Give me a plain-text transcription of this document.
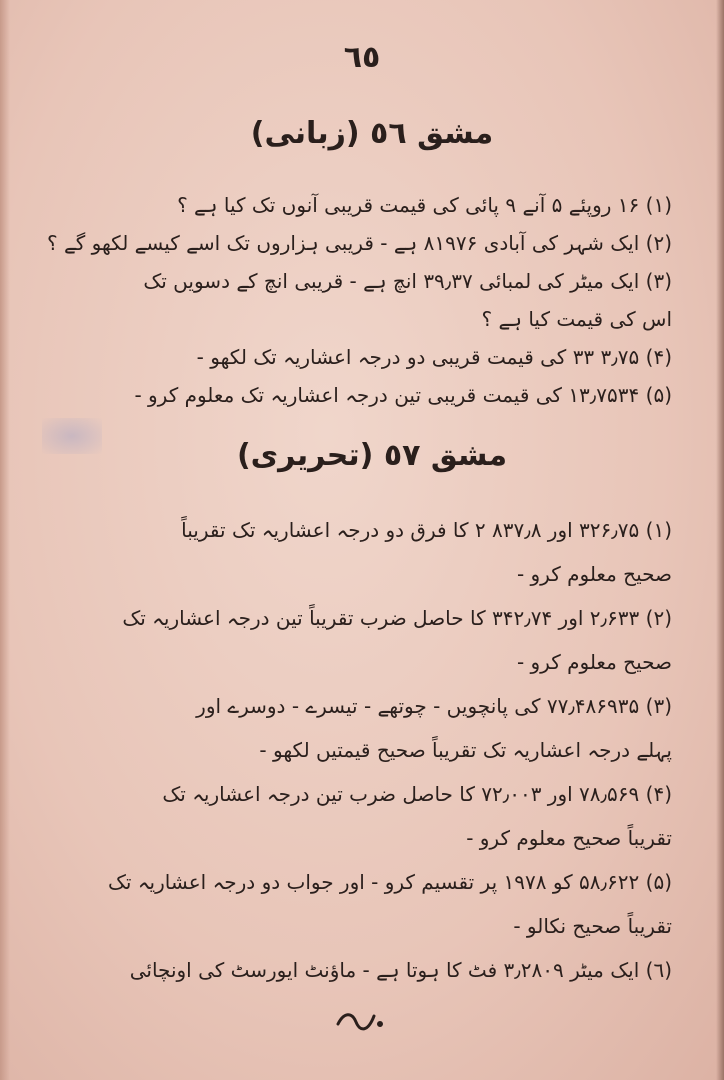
٦٥
مشق ٥٦ (زبانی)

(۱) ۱۶ روپئے ۵ آنے ۹ پائی کی قیمت قریبی آنوں تک کیا ہے ؟

(۲) ایک شہر کی آبادی ۸۱۹۷۶ ہے - قریبی ہزاروں تک اسے کیسے لکھو گے ؟

(۳) ایک میٹر کی لمبائی ۳۹٫۳۷ انچ ہے - قریبی انچ کے دسویں تک

اس کی قیمت کیا ہے ؟

(۴) ۳٫۷۵ ۳۳ کی قیمت قریبی دو درجہ اعشاریہ تک لکھو -

(۵) ۱۳٫۷۵۳۴ کی قیمت قریبی تین درجہ اعشاریہ تک معلوم کرو -

مشق ٥٧ (تحریری)

(۱) ۳۲۶٫۷۵ اور ۸۳۷٫۸ ۲ کا فرق دو درجہ اعشاریہ تک تقریباً

صحیح معلوم کرو -

(۲) ۲٫۶۳۳ اور ۳۴۲٫۷۴ کا حاصل ضرب تقریباً تین درجہ اعشاریہ تک

صحیح معلوم کرو -

(۳) ۷۷٫۴۸۶۹۳۵ کی پانچویں - چوتھے - تیسرے - دوسرے اور

پہلے درجہ اعشاریہ تک تقریباً صحیح قیمتیں لکھو -

(۴) ۷۸٫۵۶۹ اور ۷۲٫۰۰۳ کا حاصل ضرب تین درجہ اعشاریہ تک

تقریباً صحیح معلوم کرو -

(۵) ۵۸٫۶۲۲ کو ۱۹۷۸ پر تقسیم کرو - اور جواب دو درجہ اعشاریہ تک

تقریباً صحیح نکالو -

(٦) ایک میٹر ۳٫۲۸۰۹ فٹ کا ہوتا ہے - ماؤنٹ ایورسٹ کی اونچائی
